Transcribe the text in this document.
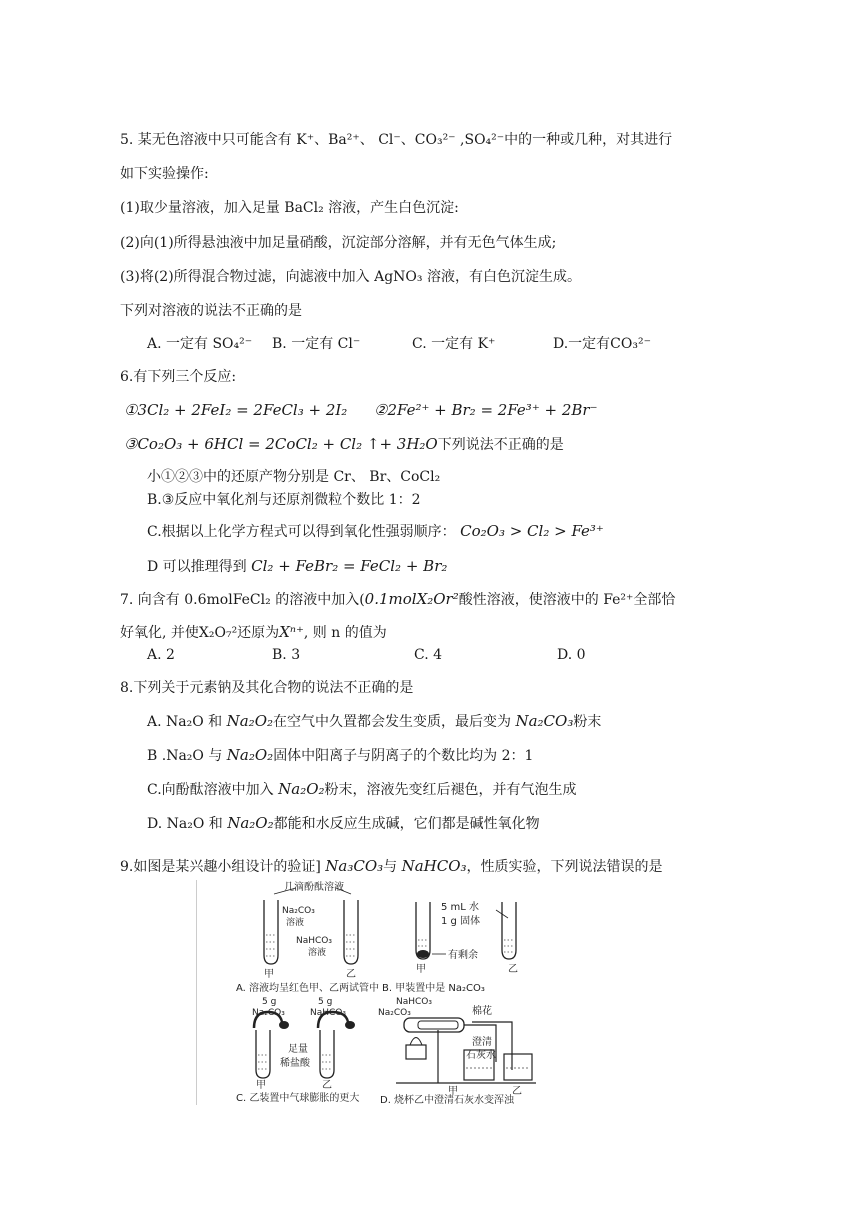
5. 某无色溶液中只可能含有 K⁺、Ba²⁺、 Cl⁻、CO₃²⁻ ,SO₄²⁻中的一种或几种，对其进行
如下实验操作:
(1)取少量溶液，加入足量 BaCl₂ 溶液，产生白色沉淀:
(2)向(1)所得悬浊液中加足量硝酸，沉淀部分溶解，并有无色气体生成;
(3)将(2)所得混合物过滤，向滤液中加入 AgNO₃ 溶液，有白色沉淀生成。
下列对溶液的说法不正确的是
A. 一定有 SO₄²⁻ B. 一定有 Cl⁻	C. 一定有 K⁺	D.一定有CO₃²⁻
6.有下列三个反应:
①3Cl₂ + 2FeI₂ = 2FeCl₃ + 2I₂ ②2Fe²⁺ + Br₂ = 2Fe³⁺ + 2Br⁻
③Co₂O₃ + 6HCl = 2CoCl₂ + Cl₂ ↑+ 3H₂O下列说法不正确的是
小①②③中的还原产物分别是 Cr、 Br、CoCl₂
B.③反应中氧化剂与还原剂微粒个数比 1：2
C.根据以上化学方程式可以得到氧化性强弱顺序： Co₂O₃ > Cl₂ > Fe³⁺
D 可以推理得到 Cl₂ + FeBr₂ = FeCl₂ + Br₂
7. 向含有 0.6molFeCl₂ 的溶液中加入(0.1molX₂Or²酸性溶液，使溶液中的 Fe²⁺全部恰
好氧化, 并使X₂O₇²还原为Xⁿ⁺, 则 n 的值为
A. 2	B. 3	C. 4	D. 0
8.下列关于元素钠及其化合物的说法不正确的是
A. Na₂O 和 Na₂O₂在空气中久置都会发生变质，最后变为 Na₂CO₃粉末
B .Na₂O 与 Na₂O₂固体中阳离子与阴离子的个数比均为 2：1
C.向酚酞溶液中加入 Na₂O₂粉末，溶液先变红后褪色，并有气泡生成
D. Na₂O 和 Na₂O₂都能和水反应生成碱，它们都是碱性氧化物
9.如图是某兴趣小组设计的验证] Na₃CO₃与 NaHCO₃，性质实验，下列说法错误的是
几滴酚酞溶液
Na₂CO₃
溶液
NaHCO₃
溶液
甲	乙
A. 溶液均呈红色甲、乙两试管中
5 mL 水
1 g 固体
有剩余
甲	乙
B. 甲装置中是 Na₂CO₃
5 g
Na₂CO₃
5 g
NaHCO₃
足量
稀盐酸
甲	乙
C. 乙装置中气球膨胀的更大
NaHCO₃
Na₂CO₃	棉花
澄清
石灰水
甲	乙
D. 烧杯乙中澄清石灰水变浑浊
